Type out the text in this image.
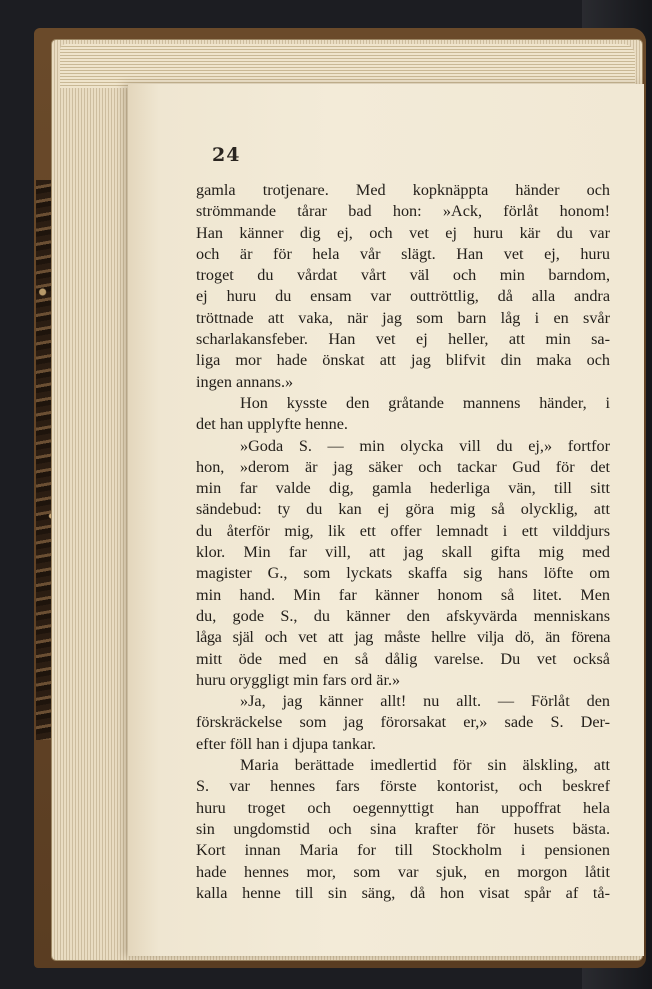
24
gamla trotjenare. Med kopknäppta händer och
strömmande tårar bad hon: »Ack, förlåt honom!
Han känner dig ej, och vet ej huru kär du var
och är för hela vår slägt. Han vet ej, huru
troget du vårdat vårt väl och min barndom,
ej huru du ensam var outtröttlig, då alla andra
tröttnade att vaka, när jag som barn låg i en svår
scharlakansfeber. Han vet ej heller, att min sa-
liga mor hade önskat att jag blifvit din maka och
ingen annans.»
Hon kysste den gråtande mannens händer, i
det han upplyfte henne.
»Goda S. — min olycka vill du ej,» fortfor
hon, »derom är jag säker och tackar Gud för det
min far valde dig, gamla hederliga vän, till sitt
sändebud: ty du kan ej göra mig så olycklig, att
du återför mig, lik ett offer lemnadt i ett vilddjurs
klor. Min far vill, att jag skall gifta mig med
magister G., som lyckats skaffa sig hans löfte om
min hand. Min far känner honom så litet. Men
du, gode S., du känner den afskyvärda menniskans
låga själ och vet att jag måste hellre vilja dö, än förena
mitt öde med en så dålig varelse. Du vet också
huru oryggligt min fars ord är.»
»Ja, jag känner allt! nu allt. — Förlåt den
förskräckelse som jag förorsakat er,» sade S. Der-
efter föll han i djupa tankar.
Maria berättade imedlertid för sin älskling, att
S. var hennes fars förste kontorist, och beskref
huru troget och oegennyttigt han uppoffrat hela
sin ungdomstid och sina krafter för husets bästa.
Kort innan Maria for till Stockholm i pensionen
hade hennes mor, som var sjuk, en morgon låtit
kalla henne till sin säng, då hon visat spår af tå-
